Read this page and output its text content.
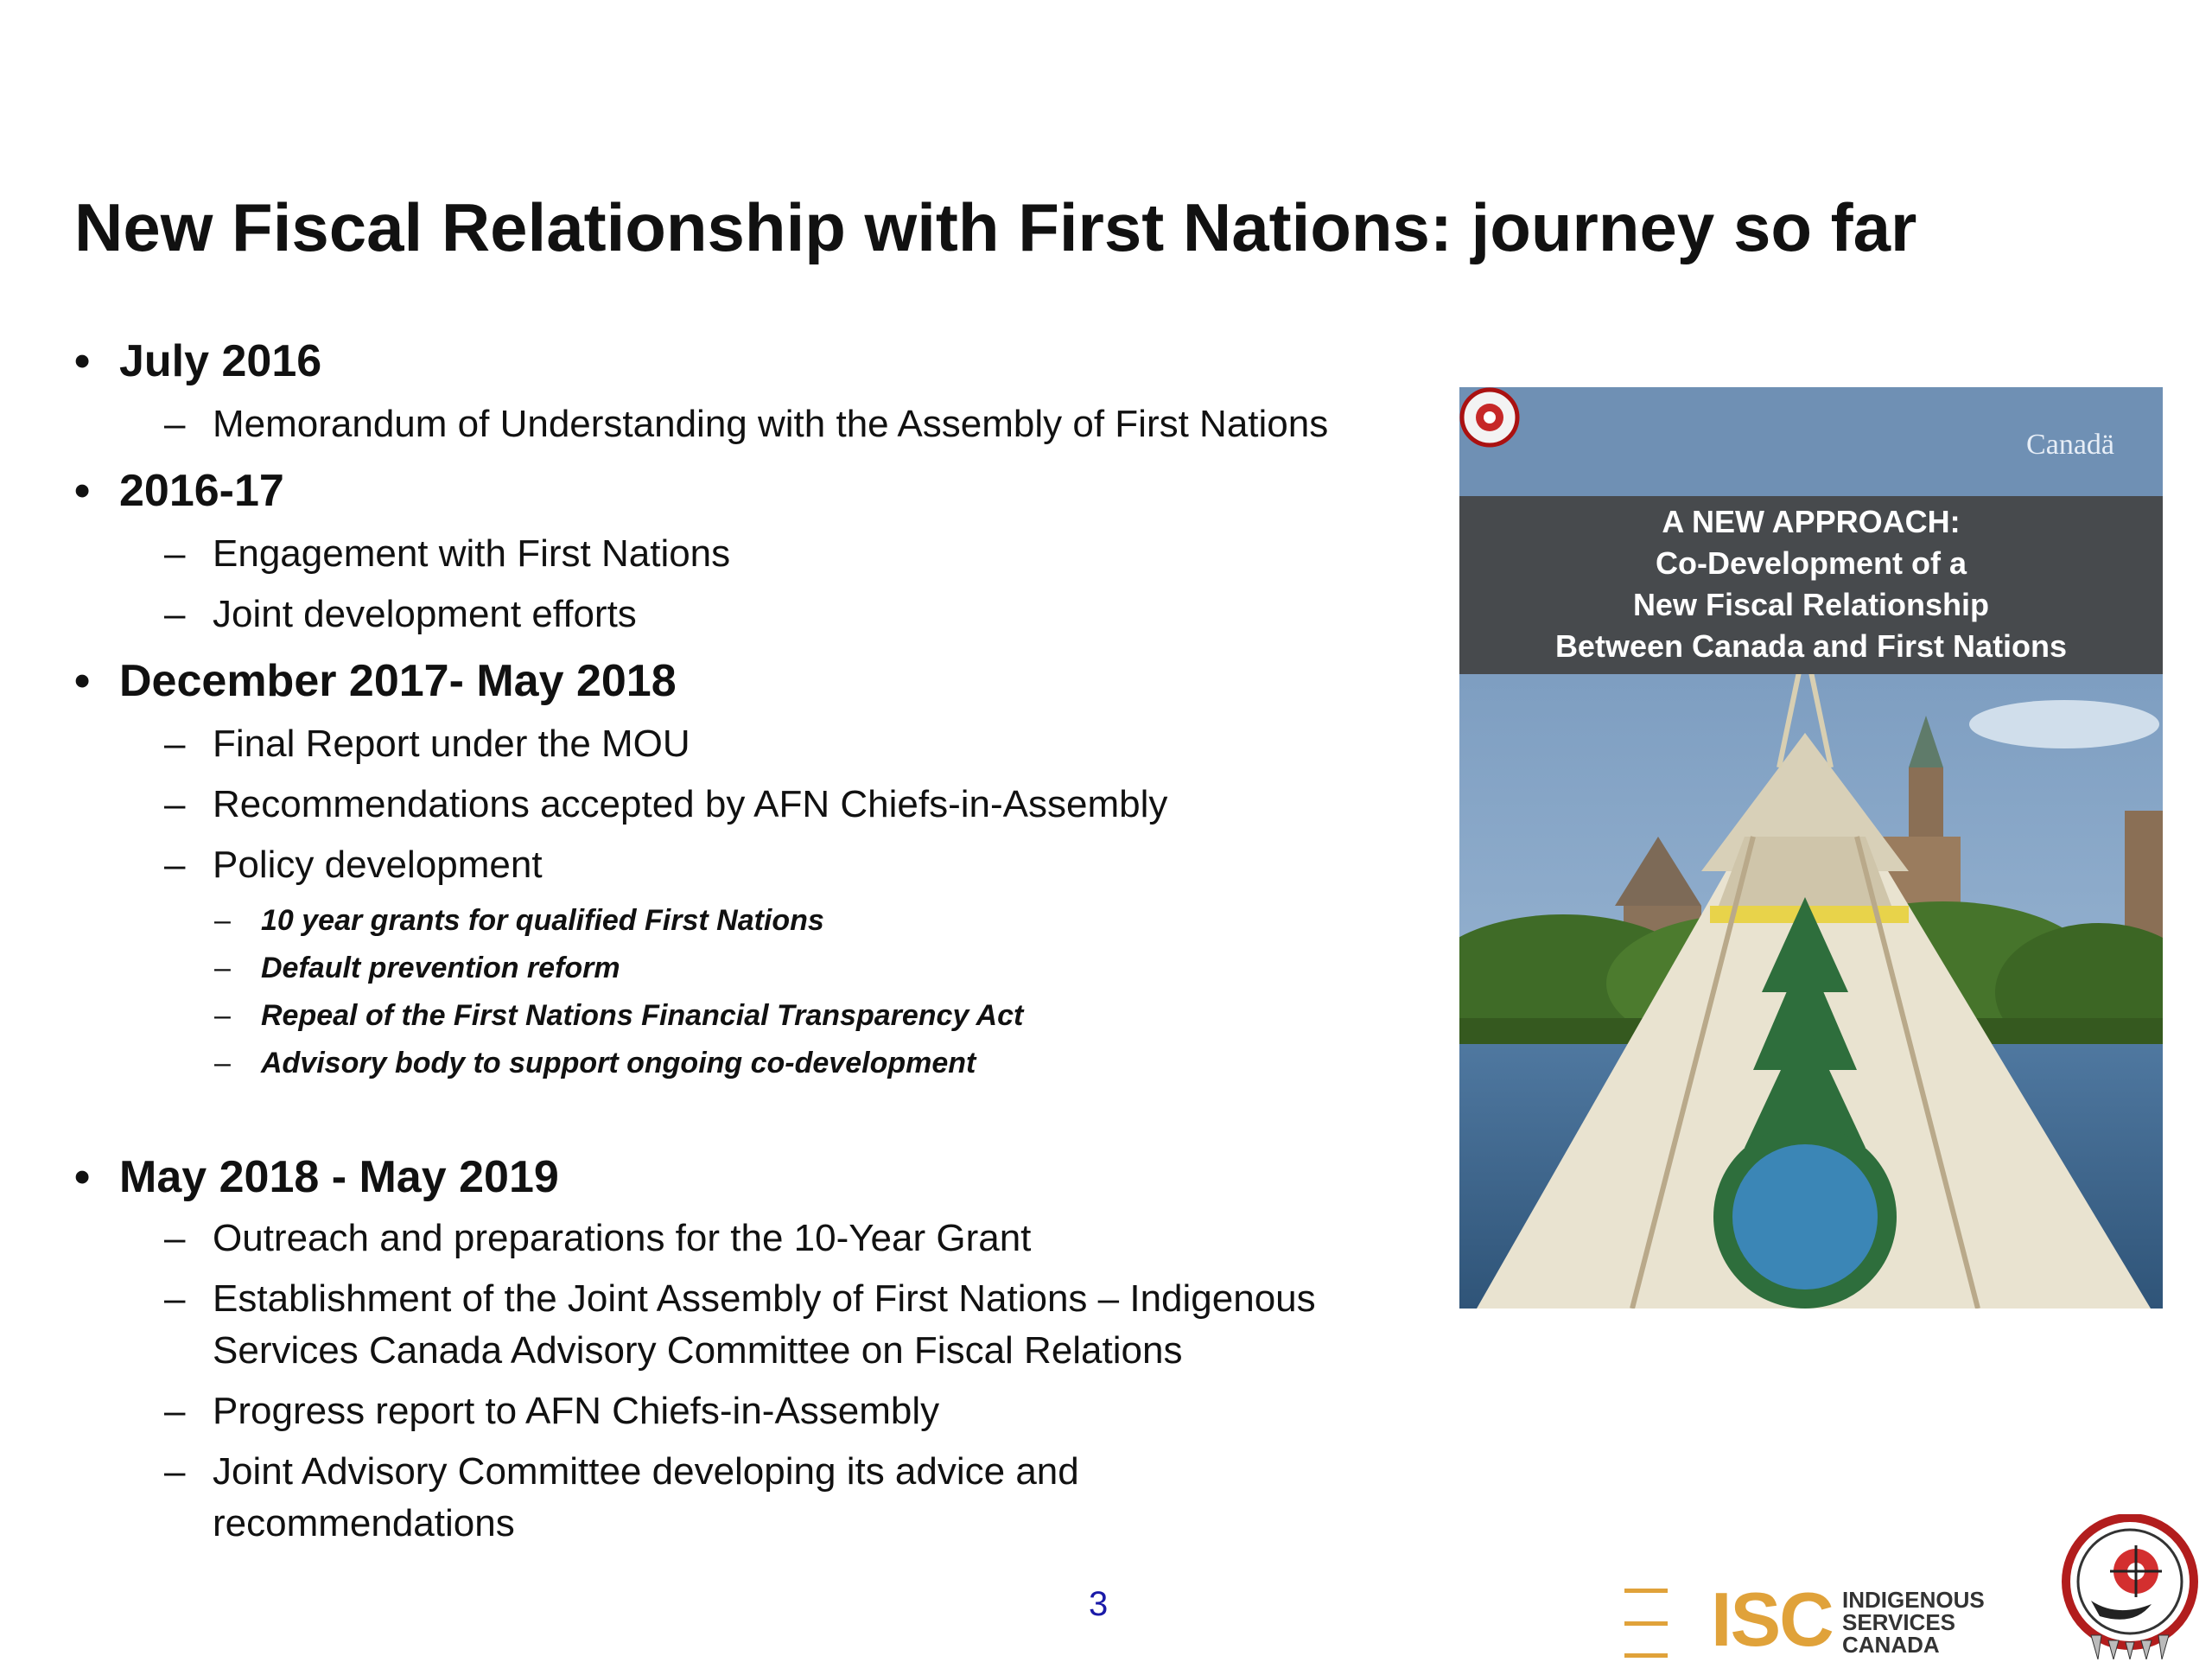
New Fiscal Relationship with First Nations: journey so far
• July 2016
– Memorandum of Understanding with the Assembly of First Nations
• 2016-17
– Engagement with First Nations
– Joint development efforts
• December 2017- May 2018
– Final Report under the MOU
– Recommendations accepted by AFN Chiefs-in-Assembly
– Policy development
– 10 year grants for qualified First Nations
– Default prevention reform
– Repeal of the First Nations Financial Transparency Act
– Advisory body to support ongoing co-development
• May 2018 - May 2019
– Outreach and preparations for the 10-Year Grant
– Establishment of the Joint Assembly of First Nations – Indigenous
Services Canada Advisory Committee on Fiscal Relations
– Progress report to AFN Chiefs-in-Assembly
– Joint Advisory Committee developing its advice and
recommendations
Canadä
A NEW APPROACH:
Co-Development of a
New Fiscal Relationship
Between Canada and First Nations
3	ISC INDIGENOUS
SERVICES
CANADA
